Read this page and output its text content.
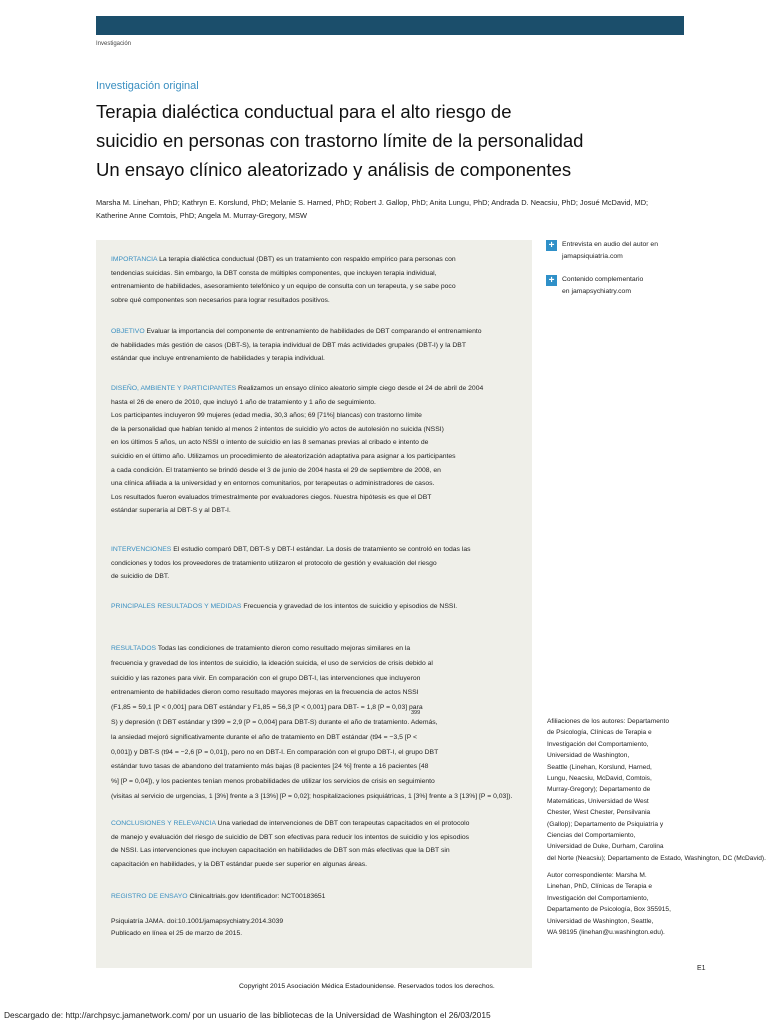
Investigación
Investigación original
Terapia dialéctica conductual para el alto riesgo de
suicidio en personas con trastorno límite de la personalidad
Un ensayo clínico aleatorizado y análisis de componentes
Marsha M. Linehan, PhD; Kathryn E. Korslund, PhD; Melanie S. Harned, PhD; Robert J. Gallop, PhD; Anita Lungu, PhD; Andrada D. Neacsiu, PhD; Josué McDavid, MD; Katherine Anne Comtois, PhD; Angela M. Murray-Gregory, MSW
IMPORTANCIA La terapia dialéctica conductual (DBT) es un tratamiento con respaldo empírico para personas con
tendencias suicidas. Sin embargo, la DBT consta de múltiples componentes, que incluyen terapia individual,
entrenamiento de habilidades, asesoramiento telefónico y un equipo de consulta con un terapeuta, y se sabe poco
sobre qué componentes son necesarios para lograr resultados positivos.
OBJETIVO Evaluar la importancia del componente de entrenamiento de habilidades de DBT comparando el entrenamiento
de habilidades más gestión de casos (DBT-S), la terapia individual de DBT más actividades grupales (DBT-I) y la DBT
estándar que incluye entrenamiento de habilidades y terapia individual.
DISEÑO, AMBIENTE Y PARTICIPANTES Realizamos un ensayo clínico aleatorio simple ciego desde el 24 de abril de 2004
hasta el 26 de enero de 2010, que incluyó 1 año de tratamiento y 1 año de seguimiento.
Los participantes incluyeron 99 mujeres (edad media, 30,3 años; 69 [71%] blancas) con trastorno límite
de la personalidad que habían tenido al menos 2 intentos de suicidio y/o actos de autolesión no suicida (NSSI)
en los últimos 5 años, un acto NSSI o intento de suicidio en las 8 semanas previas al cribado e intento de
suicidio en el último año. Utilizamos un procedimiento de aleatorización adaptativa para asignar a los participantes
a cada condición. El tratamiento se brindó desde el 3 de junio de 2004 hasta el 29 de septiembre de 2008, en
una clínica afiliada a la universidad y en entornos comunitarios, por terapeutas o administradores de casos.
Los resultados fueron evaluados trimestralmente por evaluadores ciegos. Nuestra hipótesis es que el DBT
estándar superaría al DBT-S y al DBT-I.
INTERVENCIONES El estudio comparó DBT, DBT-S y DBT-I estándar. La dosis de tratamiento se controló en todas las
condiciones y todos los proveedores de tratamiento utilizaron el protocolo de gestión y evaluación del riesgo
de suicidio de DBT.
PRINCIPALES RESULTADOS Y MEDIDAS Frecuencia y gravedad de los intentos de suicidio y episodios de NSSI.
RESULTADOS Todas las condiciones de tratamiento dieron como resultado mejoras similares en la
frecuencia y gravedad de los intentos de suicidio, la ideación suicida, el uso de servicios de crisis debido al
suicidio y las razones para vivir. En comparación con el grupo DBT-I, las intervenciones que incluyeron
entrenamiento de habilidades dieron como resultado mayores mejoras en la frecuencia de actos NSSI
(F1,85 = 59,1 [P < 0,001] para DBT estándar y F1,85 = 56,3 [P < 0,001] para DBT- = 1,8 [P = 0,03] para
399
S) y depresión (t DBT estándar y t399 = 2,9 [P = 0,004] para DBT-S) durante el año de tratamiento. Además,
la ansiedad mejoró significativamente durante el año de tratamiento en DBT estándar (t94 = −3,5 [P <
0,001]) y DBT-S (t94 = −2,6 [P = 0,01]), pero no en DBT-I. En comparación con el grupo DBT-I, el grupo DBT
estándar tuvo tasas de abandono del tratamiento más bajas (8 pacientes [24 %] frente a 16 pacientes [48
%] [P = 0,04]), y los pacientes tenían menos probabilidades de utilizar los servicios de crisis en seguimiento
(visitas al servicio de urgencias, 1 [3%] frente a 3 [13%] [P = 0,02]; hospitalizaciones psiquiátricas, 1 [3%] frente a 3 [13%] [P = 0,03]).
CONCLUSIONES Y RELEVANCIA Una variedad de intervenciones de DBT con terapeutas capacitados en el protocolo
de manejo y evaluación del riesgo de suicidio de DBT son efectivas para reducir los intentos de suicidio y los episodios
de NSSI. Las intervenciones que incluyen capacitación en habilidades de DBT son más efectivas que la DBT sin
capacitación en habilidades, y la DBT estándar puede ser superior en algunas áreas.
REGISTRO DE ENSAYO Clinicaltrials.gov Identificador: NCT00183651
Psiquiatría JAMA. doi:10.1001/jamapsychiatry.2014.3039
Publicado en línea el 25 de marzo de 2015.
+	Entrevista en audio del autor en
jamapsiquiatría.com
+	Contenido complementario
en jamapsychiatry.com
Afiliaciones de los autores: Departamento
de Psicología, Clínicas de Terapia e
Investigación del Comportamiento,
Universidad de Washington,
Seattle (Linehan, Korslund, Harned,
Lungu, Neacsiu, McDavid, Comtois,
Murray-Gregory); Departamento de
Matemáticas, Universidad de West
Chester, West Chester, Pensilvania
(Gallop); Departamento de Psiquiatría y
Ciencias del Comportamiento,
Universidad de Duke, Durham, Carolina
del Norte (Neacsiu); Departamento de Estado, Washington, DC (McDavid).
Autor correspondiente: Marsha M.
Linehan, PhD, Clínicas de Terapia e
Investigación del Comportamiento,
Departamento de Psicología, Box 355915,
Universidad de Washington, Seattle,
WA 98195 (linehan@u.washington.edu).
E1
Copyright 2015 Asociación Médica Estadounidense. Reservados todos los derechos.
Descargado de: http://archpsyc.jamanetwork.com/ por un usuario de las bibliotecas de la Universidad de Washington el 26/03/2015
